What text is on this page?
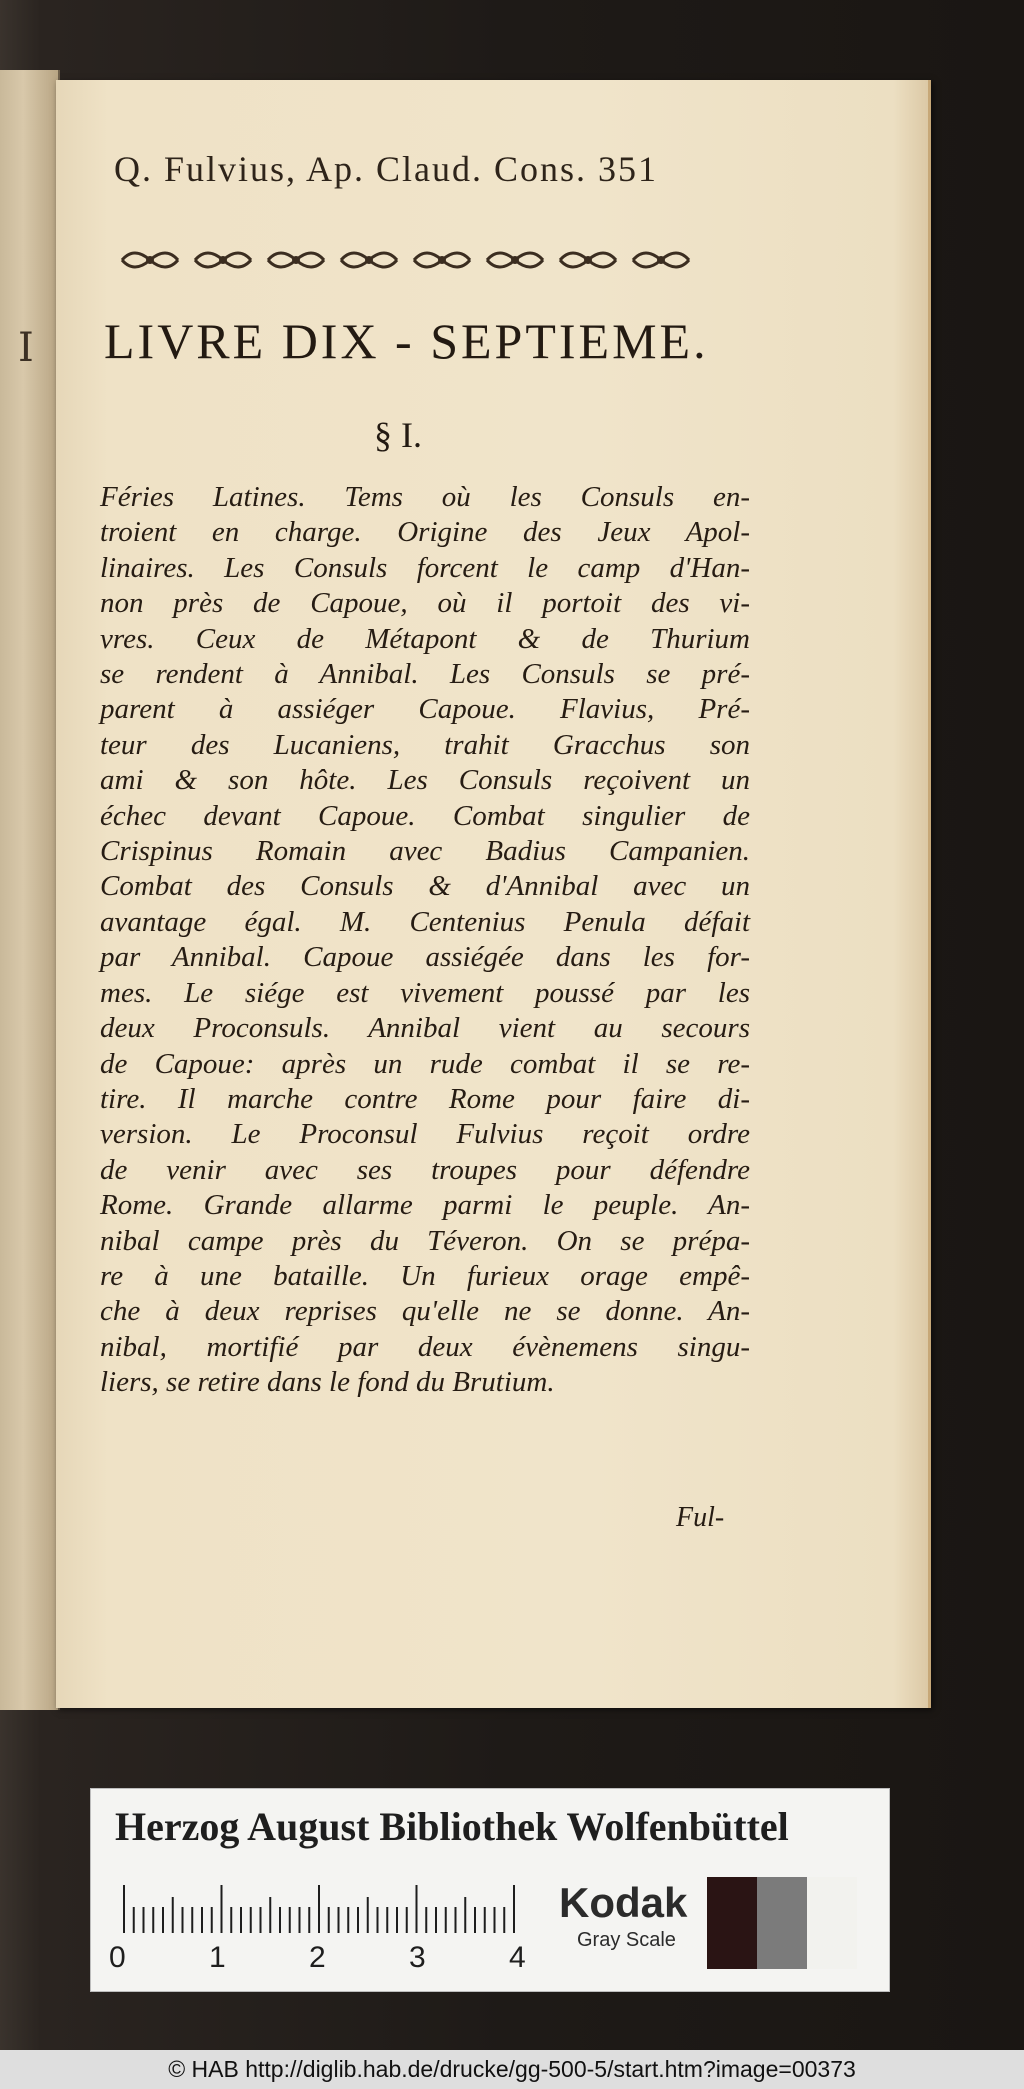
I
Q. Fulvius, Ap. Claud. Cons. 351
LIVRE DIX - SEPTIEME.
§ I.

Féries Latines. Tems où les Consuls en-
troient en charge. Origine des Jeux Apol-
linaires. Les Consuls forcent le camp d'Han-
non près de Capoue, où il portoit des vi-
vres. Ceux de Métapont & de Thurium
se rendent à Annibal. Les Consuls se pré-
parent à assiéger Capoue. Flavius, Pré-
teur des Lucaniens, trahit Gracchus son
ami & son hôte. Les Consuls reçoivent un
échec devant Capoue. Combat singulier de
Crispinus Romain avec Badius Campanien.
Combat des Consuls & d'Annibal avec un
avantage égal. M. Centenius Penula défait
par Annibal. Capoue assiégée dans les for-
mes. Le siége est vivement poussé par les
deux Proconsuls. Annibal vient au secours
de Capoue: après un rude combat il se re-
tire. Il marche contre Rome pour faire di-
version. Le Proconsul Fulvius reçoit ordre
de venir avec ses troupes pour défendre
Rome. Grande allarme parmi le peuple. An-
nibal campe près du Téveron. On se prépa-
re à une bataille. Un furieux orage empê-
che à deux reprises qu'elle ne se donne. An-
nibal, mortifié par deux évènemens singu-
liers, se retire dans le fond du Brutium.

Ful-
Herzog August Bibliothek Wolfenbüttel
0	1	2	3	4
Kodak
Gray Scale
© HAB http://diglib.hab.de/drucke/gg-500-5/start.htm?image=00373
